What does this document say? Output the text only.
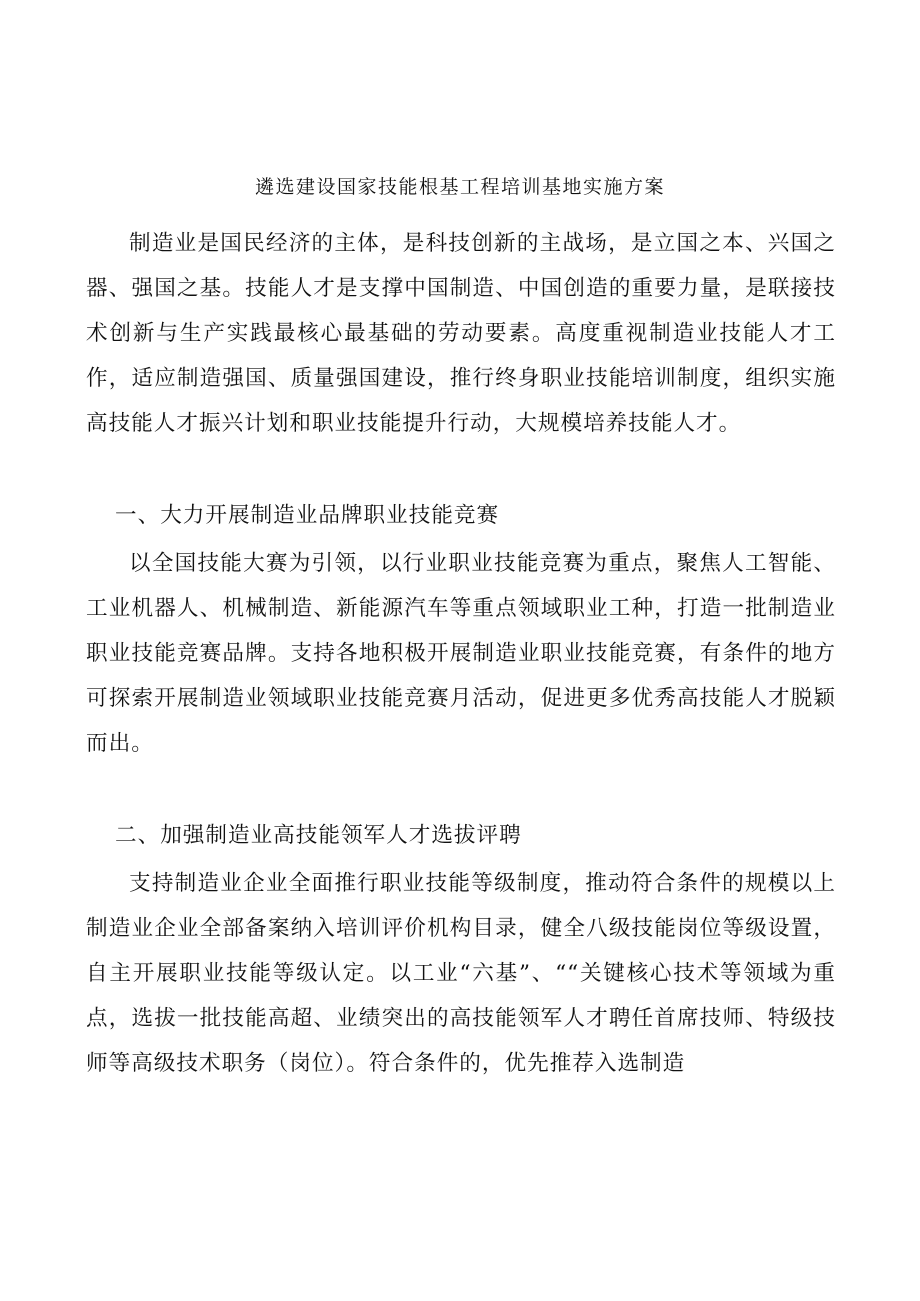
遴选建设国家技能根基工程培训基地实施方案

制造业是国民经济的主体，是科技创新的主战场，是立国之本、兴国之器、强国之基。技能人才是支撑中国制造、中国创造的重要力量，是联接技术创新与生产实践最核心最基础的劳动要素。高度重视制造业技能人才工作，适应制造强国、质量强国建设，推行终身职业技能培训制度，组织实施高技能人才振兴计划和职业技能提升行动，大规模培养技能人才。

一、大力开展制造业品牌职业技能竞赛

以全国技能大赛为引领，以行业职业技能竞赛为重点，聚焦人工智能、工业机器人、机械制造、新能源汽车等重点领域职业工种，打造一批制造业职业技能竞赛品牌。支持各地积极开展制造业职业技能竞赛，有条件的地方可探索开展制造业领域职业技能竞赛月活动，促进更多优秀高技能人才脱颖而出。

二、加强制造业高技能领军人才选拔评聘

支持制造业企业全面推行职业技能等级制度，推动符合条件的规模以上制造业企业全部备案纳入培训评价机构目录，健全八级技能岗位等级设置，自主开展职业技能等级认定。以工业“六基”、““关键核心技术等领域为重点，选拔一批技能高超、业绩突出的高技能领军人才聘任首席技师、特级技师等高级技术职务（岗位）。符合条件的，优先推荐入选制造
